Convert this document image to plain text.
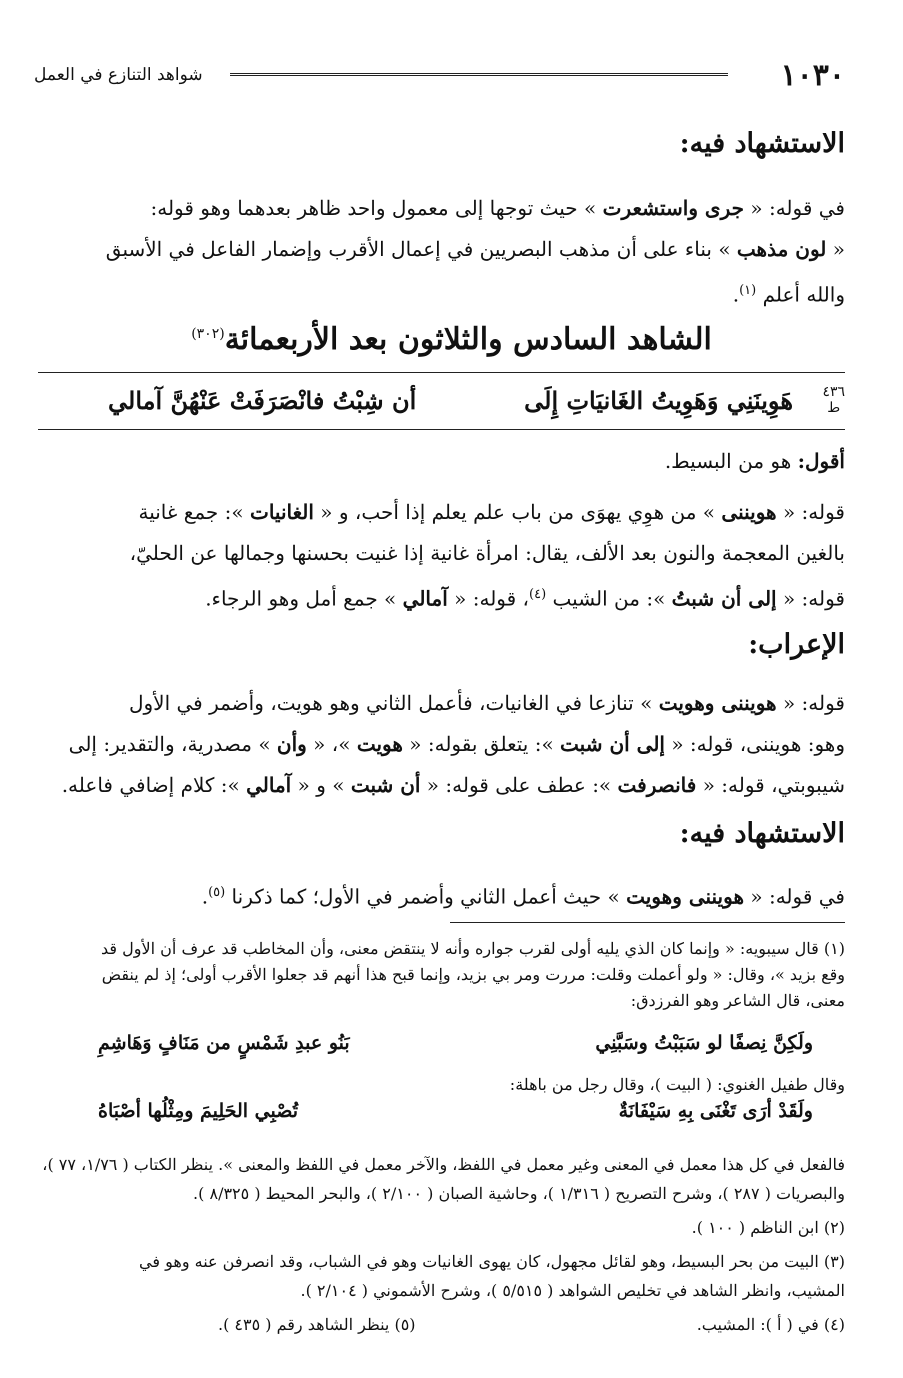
١٠٣٠
شواهد التنازع في العمل
الاستشهاد فيه:
في قوله: « جرى واستشعرت » حيث توجها إلى معمول واحد ظاهر بعدهما وهو قوله:
« لون مذهب » بناء على أن مذهب البصريين في إعمال الأقرب وإضمار الفاعل في الأسبق
والله أعلم $^{(١)}$.
الشاهد السادس والثلاثون بعد الأربعمائة$^{(٣٠٢)}$
٤٣٦
ط
هَوِينَنِي وَهَوِيتُ الغَانيَاتِ إِلَى
أن شِبْتُ فانْصَرَفَتْ عَنْهُنَّ آمالي
أقول: هو من البسيط.
قوله: « هويننى » من هوِي يهوَى من باب علم يعلم إذا أحب، و « الغانيات »: جمع غانية
بالغين المعجمة والنون بعد الألف، يقال: امرأة غانية إذا غنيت بحسنها وجمالها عن الحليّ،
قوله: « إلى أن شبتُ »: من الشيب $^{(٤)}$، قوله: « آمالي » جمع أمل وهو الرجاء.
الإعراب:
قوله: « هويننى وهويت » تنازعا في الغانيات، فأعمل الثاني وهو هويت، وأضمر في الأول
وهو: هويننى، قوله: « إلى أن شبت »: يتعلق بقوله: « هويت »، « وأن » مصدرية، والتقدير: إلى
شيبوبتي، قوله: « فانصرفت »: عطف على قوله: « أن شبت » و « آمالي »: كلام إضافي فاعله.
الاستشهاد فيه:
في قوله: « هويننى وهويت » حيث أعمل الثاني وأضمر في الأول؛ كما ذكرنا $^{(٥)}$.
(١) قال سيبويه: « وإنما كان الذي يليه أولى لقرب جواره وأنه لا ينتقض معنى، وأن المخاطب قد عرف أن الأول قد
وقع بزيد »، وقال: « ولو أعملت وقلت: مررت ومر بي بزيد، وإنما قبح هذا أنهم قد جعلوا الأقرب أولى؛ إذ لم ينقض
معنى، قال الشاعر وهو الفرزدق:
ولَكِنَّ نِصفًا لو سَبَبْتُ وسَبَّنِي
بَنُو عبدِ شَمْسٍ من مَنَافٍ وَهَاشِمِ
وقال طفيل الغنوي: ( البيت )، وقال رجل من باهلة:
ولَقَدْ أرَى تَغْنَى بِهِ سَيْفَانَةٌ
تُصْبِي الحَلِيمَ ومِثْلُها أصْبَاهُ
فالفعل في كل هذا معمل في المعنى وغير معمل في اللفظ، والآخر معمل في اللفظ والمعنى ». ينظر الكتاب ( ١/٧٦، ٧٧ )،
والبصريات ( ٢٨٧ )، وشرح التصريح ( ١/٣١٦ )، وحاشية الصبان ( ٢/١٠٠ )، والبحر المحيط ( ٨/٣٢٥ ).
(٢) ابن الناظم ( ١٠٠ ).
(٣) البيت من بحر البسيط، وهو لقائل مجهول، كان يهوى الغانيات وهو في الشباب، وقد انصرفن عنه وهو في
المشيب، وانظر الشاهد في تخليص الشواهد ( ٥/٥١٥ )، وشرح الأشموني ( ٢/١٠٤ ).
(٤) في ( أ ): المشيب.
(٥) ينظر الشاهد رقم ( ٤٣٥ ).
